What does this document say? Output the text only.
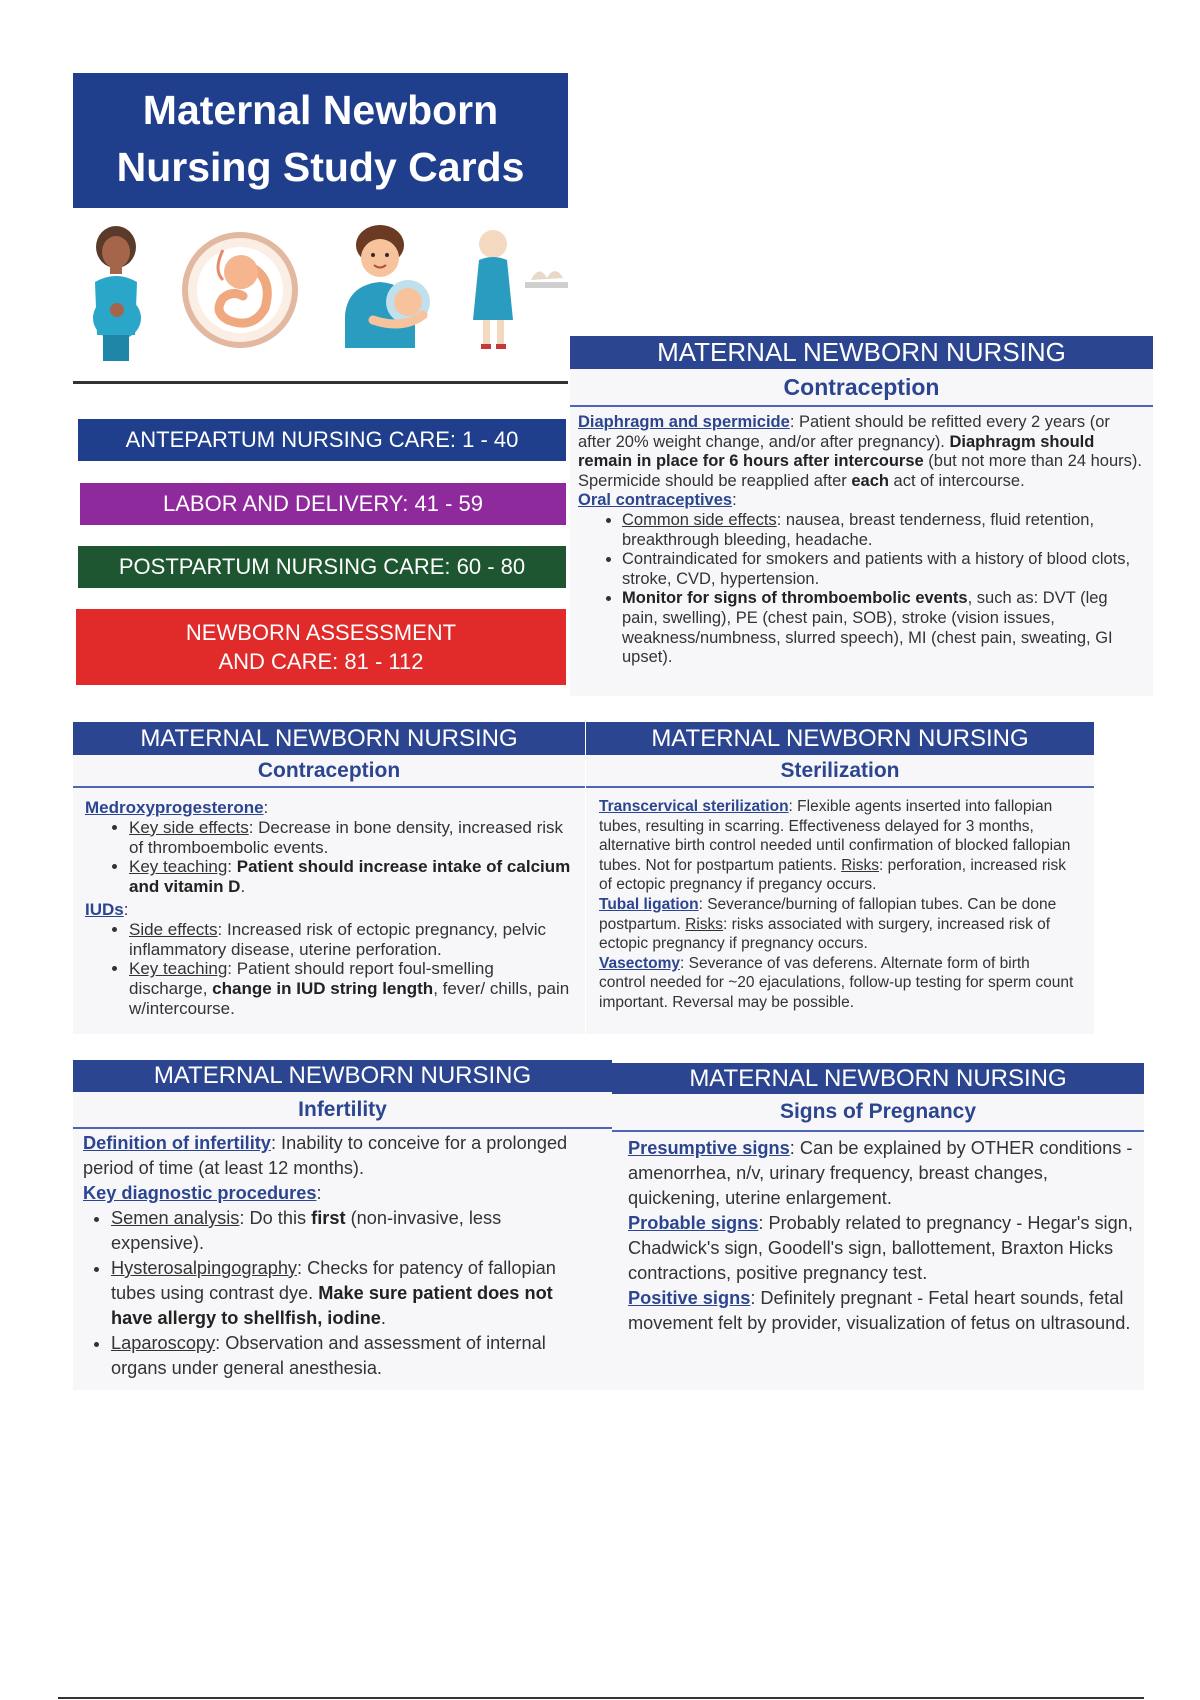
Maternal Newborn
Nursing Study Cards
ANTEPARTUM NURSING CARE: 1 - 40
LABOR AND DELIVERY: 41 - 59
POSTPARTUM NURSING CARE: 60 - 80
NEWBORN ASSESSMENT
AND CARE: 81 - 112
MATERNAL NEWBORN NURSING
Contraception

Diaphragm and spermicide: Patient should be refitted every 2 years (or after 20% weight change, and/or after pregnancy). Diaphragm should remain in place for 6 hours after intercourse (but not more than 24 hours). Spermicide should be reapplied after each act of intercourse.

Oral contraceptives:

• Common side effects: nausea, breast tenderness, fluid retention, breakthrough bleeding, headache.
• Contraindicated for smokers and patients with a history of blood clots, stroke, CVD, hypertension.
• Monitor for signs of thromboembolic events, such as: DVT (leg pain, swelling), PE (chest pain, SOB), stroke (vision issues, weakness/numbness, slurred speech), MI (chest pain, sweating, GI upset).
MATERNAL NEWBORN NURSING
Contraception

Medroxyprogesterone:

• Key side effects: Decrease in bone density, increased risk of thromboembolic events.
• Key teaching: Patient should increase intake of calcium and vitamin D.

IUDs:

• Side effects: Increased risk of ectopic pregnancy, pelvic inflammatory disease, uterine perforation.
• Key teaching: Patient should report foul-smelling discharge, change in IUD string length, fever/ chills, pain w/intercourse.
MATERNAL NEWBORN NURSING
Sterilization

Transcervical sterilization: Flexible agents inserted into fallopian tubes, resulting in scarring. Effectiveness delayed for 3 months, alternative birth control needed until confirmation of blocked fallopian tubes. Not for postpartum patients. Risks: perforation, increased risk of ectopic pregnancy if pregancy occurs.

Tubal ligation: Severance/burning of fallopian tubes. Can be done postpartum. Risks: risks associated with surgery, increased risk of ectopic pregnancy if pregnancy occurs.

Vasectomy: Severance of vas deferens. Alternate form of birth control needed for ~20 ejaculations, follow-up testing for sperm count important. Reversal may be possible.

MATERNAL NEWBORN NURSING
Infertility

Definition of infertility: Inability to conceive for a prolonged period of time (at least 12 months).

Key diagnostic procedures:

• Semen analysis: Do this first (non-invasive, less expensive).
• Hysterosalpingography: Checks for patency of fallopian tubes using contrast dye. Make sure patient does not have allergy to shellfish, iodine.
• Laparoscopy: Observation and assessment of internal organs under general anesthesia.
MATERNAL NEWBORN NURSING
Signs of Pregnancy

Presumptive signs: Can be explained by OTHER conditions - amenorrhea, n/v, urinary frequency, breast changes, quickening, uterine enlargement.

Probable signs: Probably related to pregnancy - Hegar's sign, Chadwick's sign, Goodell's sign, ballottement, Braxton Hicks contractions, positive pregnancy test.

Positive signs: Definitely pregnant - Fetal heart sounds, fetal movement felt by provider, visualization of fetus on ultrasound.
